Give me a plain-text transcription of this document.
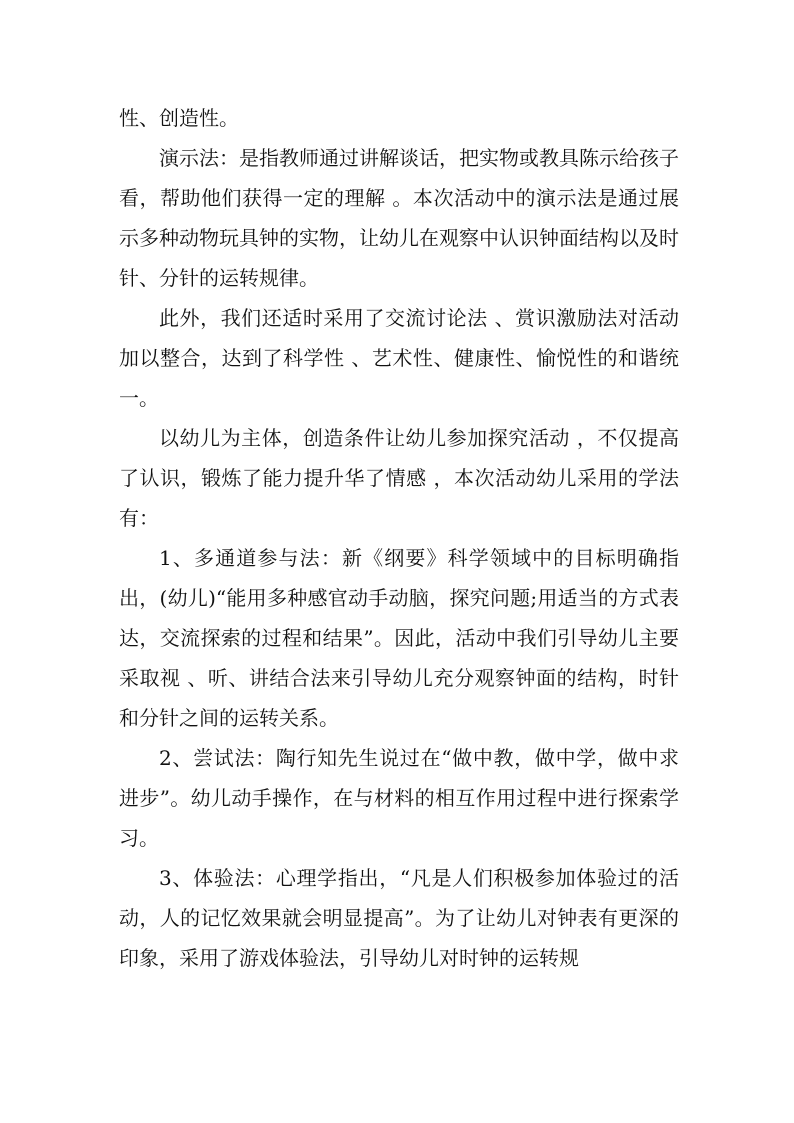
性、创造性。

演示法：是指教师通过讲解谈话，把实物或教具陈示给孩子看，帮助他们获得一定的理解 。本次活动中的演示法是通过展示多种动物玩具钟的实物，让幼儿在观察中认识钟面结构以及时针、分针的运转规律。

此外，我们还适时采用了交流讨论法 、赏识激励法对活动加以整合，达到了科学性 、艺术性、健康性、愉悦性的和谐统一。

以幼儿为主体，创造条件让幼儿参加探究活动 ，不仅提高了认识，锻炼了能力提升华了情感 ，本次活动幼儿采用的学法有：

1、多通道参与法：新《纲要》科学领域中的目标明确指出，(幼儿)“能用多种感官动手动脑，探究问题;用适当的方式表达，交流探索的过程和结果”。因此，活动中我们引导幼儿主要采取视 、听、讲结合法来引导幼儿充分观察钟面的结构，时针和分针之间的运转关系。

2、尝试法：陶行知先生说过在“做中教，做中学，做中求进步”。幼儿动手操作，在与材料的相互作用过程中进行探索学习。

3、体验法：心理学指出，“凡是人们积极参加体验过的活动，人的记忆效果就会明显提高”。为了让幼儿对钟表有更深的印象，采用了游戏体验法，引导幼儿对时钟的运转规
